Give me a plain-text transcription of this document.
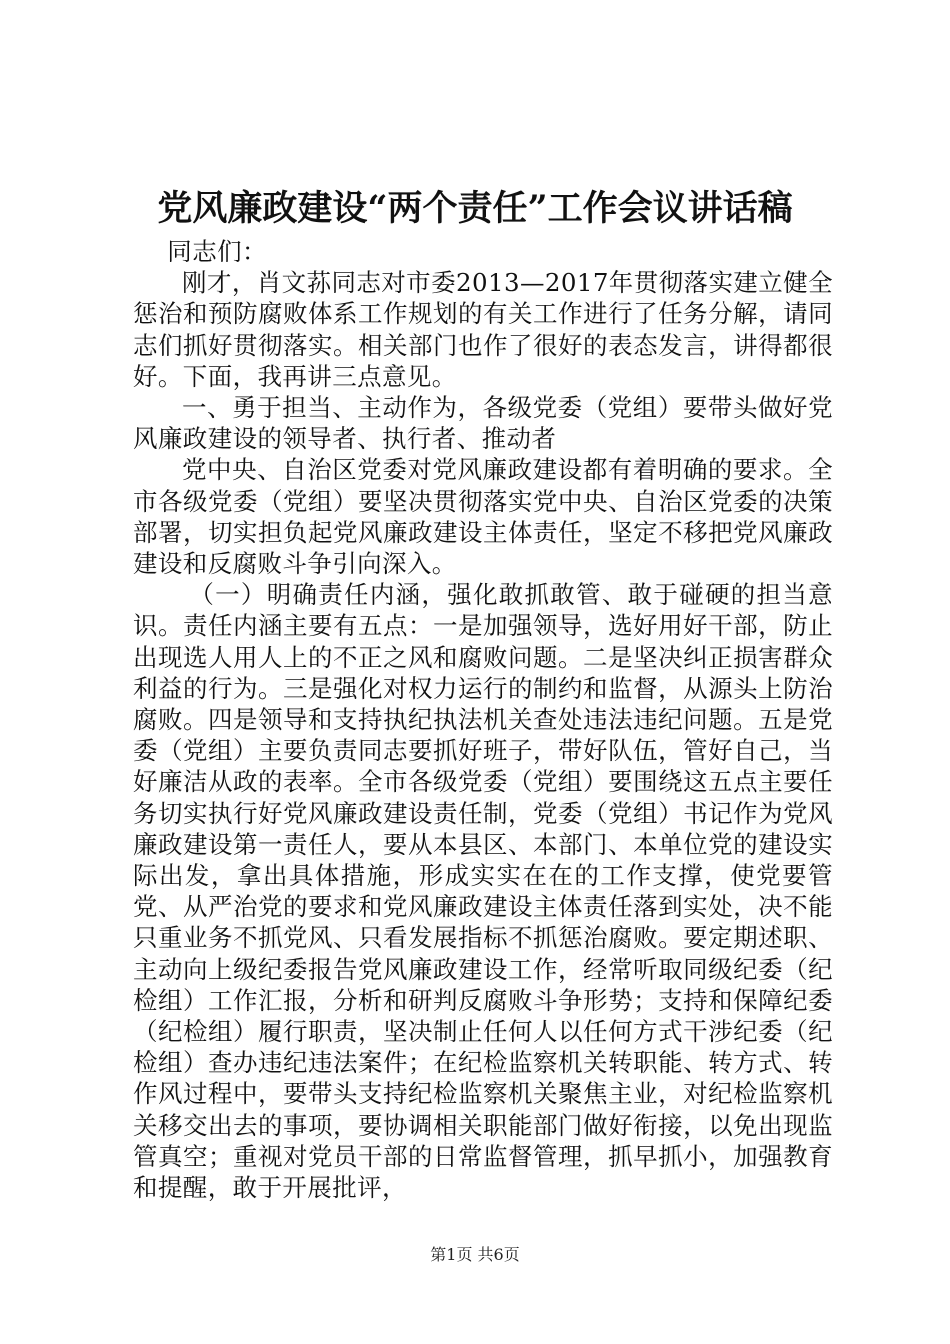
党风廉政建设“两个责任”工作会议讲话稿

同志们：

刚才，肖文荪同志对市委2013—2017年贯彻落实建立健全惩治和预防腐败体系工作规划的有关工作进行了任务分解，请同志们抓好贯彻落实。相关部门也作了很好的表态发言，讲得都很好。下面，我再讲三点意见。

一、勇于担当、主动作为，各级党委（党组）要带头做好党风廉政建设的领导者、执行者、推动者

党中央、自治区党委对党风廉政建设都有着明确的要求。全市各级党委（党组）要坚决贯彻落实党中央、自治区党委的决策部署，切实担负起党风廉政建设主体责任，坚定不移把党风廉政建设和反腐败斗争引向深入。

（一）明确责任内涵，强化敢抓敢管、敢于碰硬的担当意识。责任内涵主要有五点：一是加强领导，选好用好干部，防止出现选人用人上的不正之风和腐败问题。二是坚决纠正损害群众利益的行为。三是强化对权力运行的制约和监督，从源头上防治腐败。四是领导和支持执纪执法机关查处违法违纪问题。五是党委（党组）主要负责同志要抓好班子，带好队伍，管好自己，当好廉洁从政的表率。全市各级党委（党组）要围绕这五点主要任务切实执行好党风廉政建设责任制，党委（党组）书记作为党风廉政建设第一责任人，要从本县区、本部门、本单位党的建设实际出发，拿出具体措施，形成实实在在的工作支撑，使党要管党、从严治党的要求和党风廉政建设主体责任落到实处，决不能只重业务不抓党风、只看发展指标不抓惩治腐败。要定期述职、主动向上级纪委报告党风廉政建设工作，经常听取同级纪委（纪检组）工作汇报，分析和研判反腐败斗争形势；支持和保障纪委（纪检组）履行职责，坚决制止任何人以任何方式干涉纪委（纪检组）查办违纪违法案件；在纪检监察机关转职能、转方式、转作风过程中，要带头支持纪检监察机关聚焦主业，对纪检监察机关移交出去的事项，要协调相关职能部门做好衔接，以免出现监管真空；重视对党员干部的日常监督管理，抓早抓小，加强教育和提醒，敢于开展批评，

第1页 共6页
